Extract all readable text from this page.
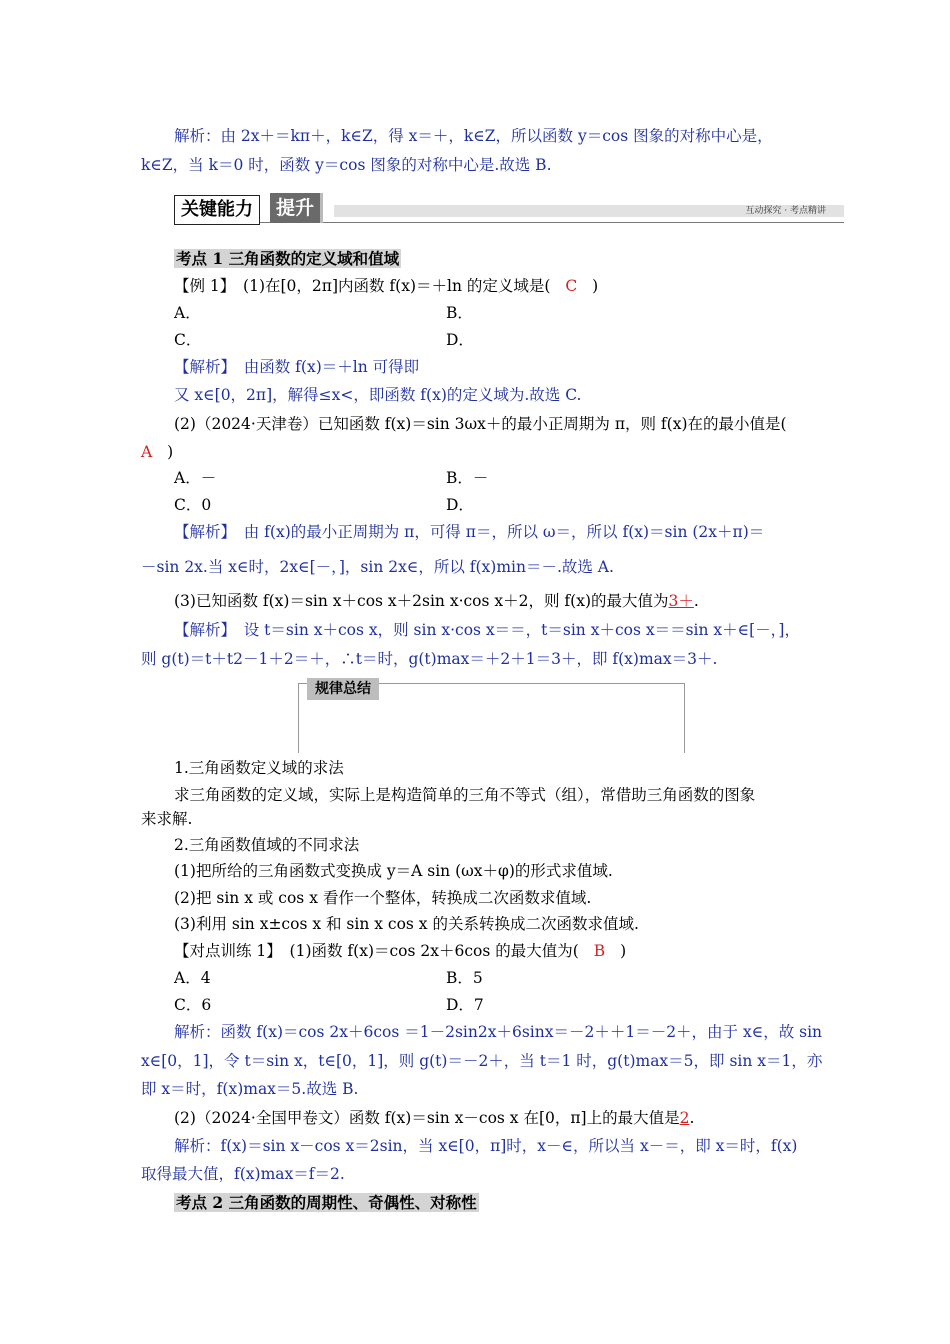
解析：由 2x＋＝kπ＋，k∈Z，得 x＝＋，k∈Z，所以函数 y＝cos 图象的对称中心是，
k∈Z，当 k＝0 时，函数 y＝cos 图象的对称中心是.故选 B.
关键能力	提升	互动探究 · 考点精讲
考点 1 三角函数的定义域和值域
【例 1】　(1)在[0，2π]内函数 f(x)＝＋ln 的定义域是( C )
A．	B．
C．	D．
【解析】　由函数 f(x)＝＋ln 可得即
又 x∈[0，2π]，解得≤x<，即函数 f(x)的定义域为.故选 C.
(2)（2024·天津卷）已知函数 f(x)＝sin 3ωx＋的最小正周期为 π，则 f(x)在的最小值是(
A )
A．－	B．－
C．0	D．
【解析】　由 f(x)的最小正周期为 π，可得 π＝，所以 ω＝，所以 f(x)＝sin (2x＋π)＝
－sin 2x.当 x∈时，2x∈[－，]，sin 2x∈，所以 f(x)min＝－.故选 A.
(3)已知函数 f(x)＝sin x＋cos x＋2sin x·cos x＋2，则 f(x)的最大值为3＋.
【解析】　设 t＝sin x＋cos x，则 sin x·cos x＝＝，t＝sin x＋cos x＝＝sin x＋∈[－，]，
则 g(t)＝t＋t2－1＋2＝＋，∴t＝时，g(t)max＝＋2＋1＝3＋，即 f(x)max＝3＋.
规律总结
1.三角函数定义域的求法
求三角函数的定义域，实际上是构造简单的三角不等式（组），常借助三角函数的图象
来求解.
2.三角函数值域的不同求法
(1)把所给的三角函数式变换成 y＝A sin (ωx＋φ)的形式求值域.
(2)把 sin x 或 cos x 看作一个整体，转换成二次函数求值域.
(3)利用 sin x±cos x 和 sin x cos x 的关系转换成二次函数求值域.
【对点训练 1】　(1)函数 f(x)＝cos 2x＋6cos 的最大值为( B )
A．4	B．5
C．6	D．7
解析：函数 f(x)＝cos 2x＋6cos ＝1－2sin2x＋6sinx＝－2＋＋1＝－2＋，由于 x∈，故 sin
x∈[0，1]，令 t＝sin x，t∈[0，1]，则 g(t)＝－2＋，当 t＝1 时，g(t)max＝5，即 sin x＝1，亦
即 x＝时，f(x)max＝5.故选 B.
(2)（2024·全国甲卷文）函数 f(x)＝sin x－cos x 在[0，π]上的最大值是2.
解析：f(x)＝sin x－cos x＝2sin，当 x∈[0，π]时，x－∈，所以当 x－＝，即 x＝时，f(x)
取得最大值，f(x)max＝f＝2.
考点 2 三角函数的周期性、奇偶性、对称性
